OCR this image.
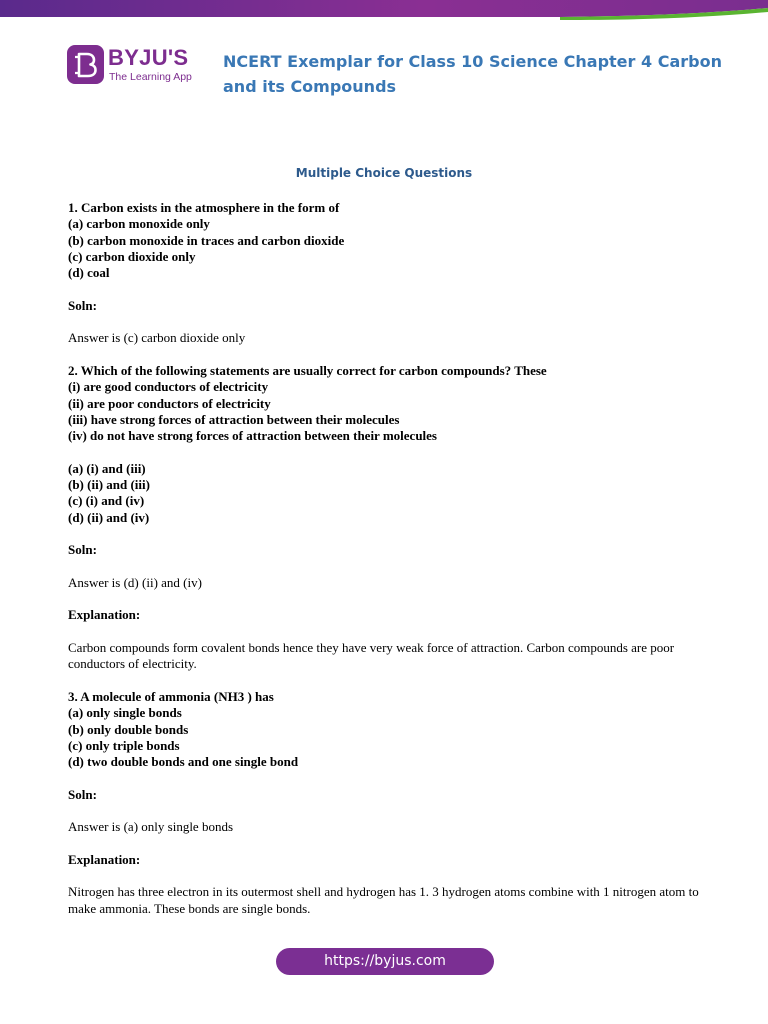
BYJU'S
The Learning App
NCERT Exemplar for Class 10 Science Chapter 4 Carbon and its Compounds
Multiple Choice Questions

1. Carbon exists in the atmosphere in the form of

(a) carbon monoxide only

(b) carbon monoxide in traces and carbon dioxide

(c) carbon dioxide only

(d) coal

Soln:

Answer is (c) carbon dioxide only

2. Which of the following statements are usually correct for carbon compounds? These

(i) are good conductors of electricity

(ii) are poor conductors of electricity

(iii) have strong forces of attraction between their molecules

(iv) do not have strong forces of attraction between their molecules

(a) (i) and (iii)

(b) (ii) and (iii)

(c) (i) and (iv)

(d) (ii) and (iv)

Soln:

Answer is (d) (ii) and (iv)

Explanation:

Carbon compounds form covalent bonds hence they have very weak force of attraction. Carbon compounds are poor conductors of electricity.

3. A molecule of ammonia (NH3 ) has

(a) only single bonds

(b) only double bonds

(c) only triple bonds

(d) two double bonds and one single bond

Soln:

Answer is (a) only single bonds

Explanation:

Nitrogen has three electron in its outermost shell and hydrogen has 1. 3 hydrogen atoms combine with 1 nitrogen atom to make ammonia. These bonds are single bonds.

https://byjus.com
